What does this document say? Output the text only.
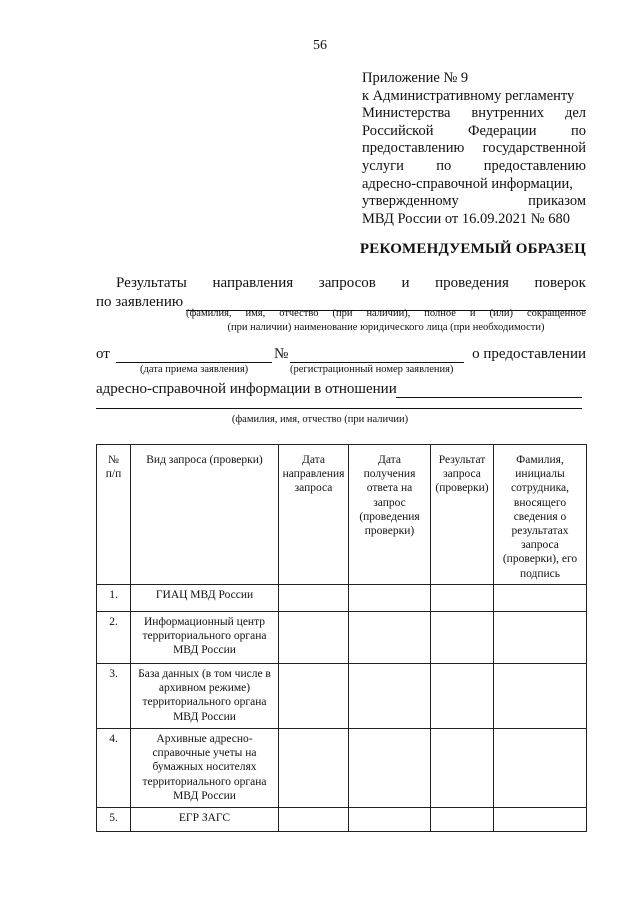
56
Приложение № 9
к Административному регламенту
Министерства внутренних дел
Российской Федерации по
предоставлению государственной
услуги по предоставлению
адресно-справочной информации,
утвержденному	приказом
МВД России от 16.09.2021 № 680
РЕКОМЕНДУЕМЫЙ ОБРАЗЕЦ
Результаты направления запросов и проведения поверок
по заявлению
(фамилия, имя, отчество (при наличии), полное и (или) сокращенное
(при наличии) наименование юридического лица (при необходимости)
от	№	о предоставлении
(дата приема заявления)	(регистрационный номер заявления)
адресно-справочной информации в отношении
(фамилия, имя, отчество (при наличии)
№
п/п	Вид запроса (проверки)	Дата направления запроса	Дата получения ответа на запрос (проведения проверки)	Результат запроса (проверки)	Фамилия, инициалы сотрудника, вносящего сведения о результатах запроса (проверки), его подпись
1.	ГИАЦ МВД России				
2.	Информационный центр территориального органа МВД России				
3.	База данных (в том числе в архивном режиме) территориального органа МВД России				
4.	Архивные адресно-справочные учеты на бумажных носителях территориального органа МВД России				
5.	ЕГР ЗАГС				
